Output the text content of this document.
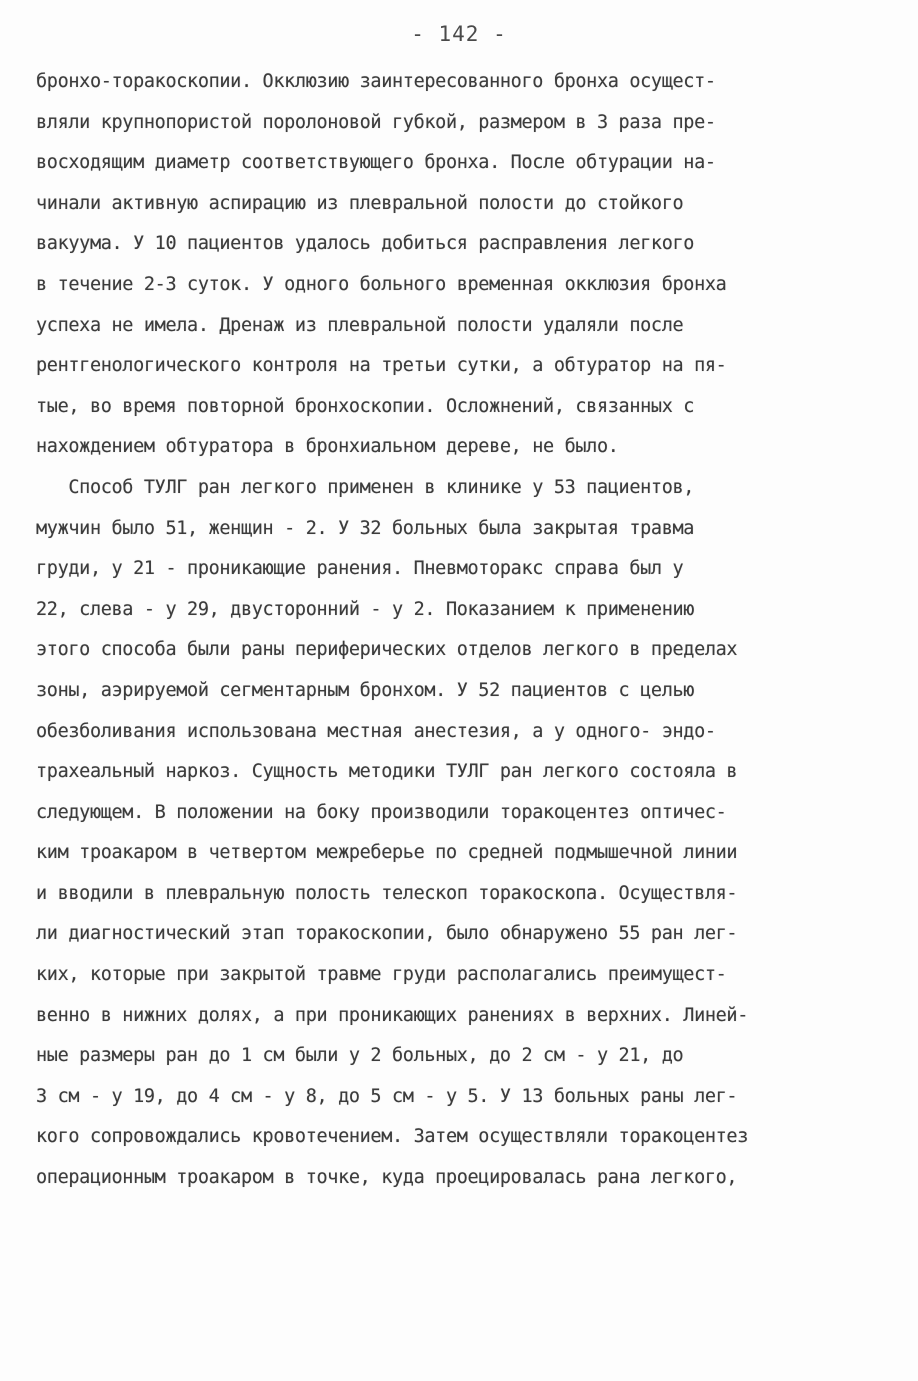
- 142 -
бронхо-торакоскопии. Окклюзию заинтересованного бронха осущест-
вляли крупнопористой поролоновой губкой, размером в 3 раза пре-
восходящим диаметр соответствующего бронха. После обтурации на-
чинали активную аспирацию из плевральной полости до стойкого
вакуума. У 10 пациентов удалось добиться расправления легкого
в течение 2-3 суток. У одного больного временная окклюзия бронха
успеха не имела. Дренаж из плевральной полости удаляли после
рентгенологического контроля на третьи сутки, а обтуратор на пя-
тые, во время повторной бронхоскопии. Осложнений, связанных с
нахождением обтуратора в бронхиальном дереве, не было.
Способ ТУЛГ ран легкого применен в клинике у 53 пациентов,
мужчин было 51, женщин - 2. У 32 больных была закрытая травма
груди, у 21 - проникающие ранения. Пневмоторакс справа был у
22, слева - у 29, двусторонний - у 2. Показанием к применению
этого способа были раны периферических отделов легкого в пределах
зоны, аэрируемой сегментарным бронхом. У 52 пациентов с целью
обезболивания использована местная анестезия, а у одного- эндо-
трахеальный наркоз. Сущность методики ТУЛГ ран легкого состояла в
следующем. В положении на боку производили торакоцентез оптичес-
ким троакаром в четвертом межреберье по средней подмышечной линии
и вводили в плевральную полость телескоп торакоскопа. Осуществля-
ли диагностический этап торакоскопии, было обнаружено 55 ран лег-
ких, которые при закрытой травме груди располагались преимущест-
венно в нижних долях, а при проникающих ранениях в верхних. Линей-
ные размеры ран до 1 см были у 2 больных, до 2 см - у 21, до
3 см - у 19, до 4 см - у 8, до 5 см - у 5. У 13 больных раны лег-
кого сопровождались кровотечением. Затем осуществляли торакоцентез
операционным троакаром в точке, куда проецировалась рана легкого,
